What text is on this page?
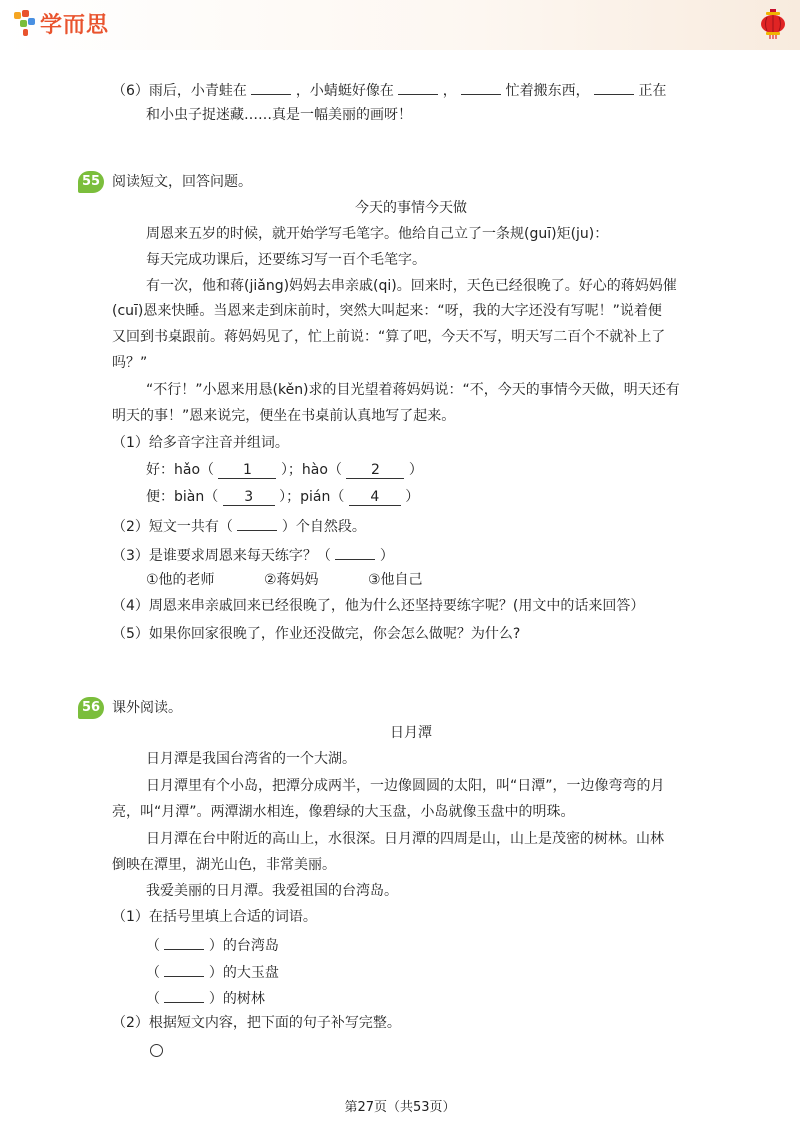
学而思
（6）雨后，小青蛙在	，小蜻蜓好像在	，	忙着搬东西，	正在
和小虫子捉迷藏……真是一幅美丽的画呀！
55 阅读短文，回答问题。
今天的事情今天做
周恩来五岁的时候，就开始学写毛笔字。他给自己立了一条规(guī)矩(ju)：
每天完成功课后，还要练习写一百个毛笔字。
有一次，他和蒋(jiǎng)妈妈去串亲戚(qi)。回来时，天色已经很晚了。好心的蒋妈妈催
(cuī)恩来快睡。当恩来走到床前时，突然大叫起来：“呀，我的大字还没有写呢！”说着便
又回到书桌跟前。蒋妈妈见了，忙上前说：“算了吧，今天不写，明天写二百个不就补上了
吗？”
“不行！”小恩来用恳(kěn)求的目光望着蒋妈妈说：“不，今天的事情今天做，明天还有
明天的事！”恩来说完，便坐在书桌前认真地写了起来。
（1）给多音字注音并组词。
好：hǎo（ 1 ）；hào（ 2 ）
便：biàn（ 3 ）；pián（ 4 ）
（2）短文一共有（	）个自然段。
（3）是谁要求周恩来每天练字？（	）
①他的老师	②蒋妈妈	③他自己
（4）周恩来串亲戚回来已经很晚了，他为什么还坚持要练字呢？(用文中的话来回答）
（5）如果你回家很晚了，作业还没做完，你会怎么做呢？为什么?
56 课外阅读。
日月潭
日月潭是我国台湾省的一个大湖。
日月潭里有个小岛，把潭分成两半，一边像圆圆的太阳，叫“日潭”，一边像弯弯的月
亮，叫“月潭”。两潭湖水相连，像碧绿的大玉盘，小岛就像玉盘中的明珠。
日月潭在台中附近的高山上，水很深。日月潭的四周是山，山上是茂密的树林。山林
倒映在潭里，湖光山色，非常美丽。
我爱美丽的日月潭。我爱祖国的台湾岛。
（1）在括号里填上合适的词语。
（	）的台湾岛
（	）的大玉盘
（	）的树林
（2）根据短文内容，把下面的句子补写完整。
第27页（共53页）
